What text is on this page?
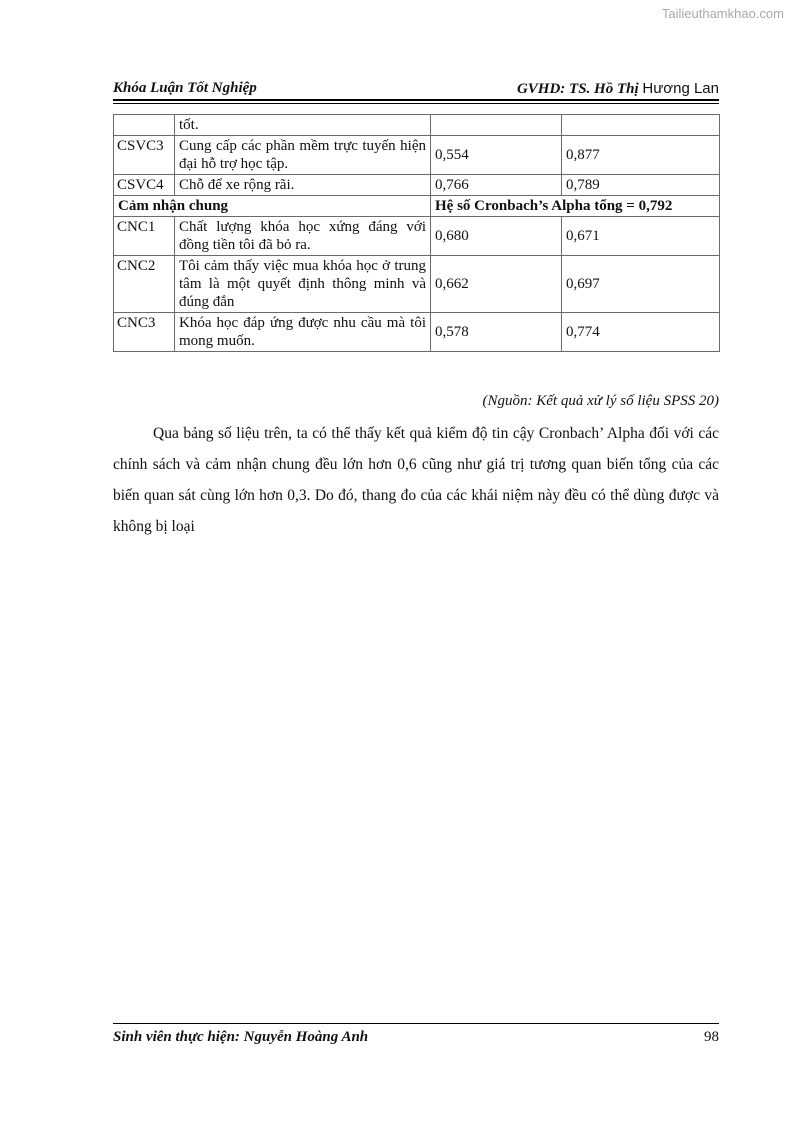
Tailieuthamkhao.com
Khóa Luận Tốt Nghiệp	GVHD: TS. Hồ Thị Hương Lan
	tốt.		
CSVC3	Cung cấp các phần mềm trực tuyến hiện đại hỗ trợ học tập.	0,554	0,877
CSVC4	Chỗ để xe rộng rãi.	0,766	0,789
Cảm nhận chung		Hệ số Cronbach’s Alpha tổng = 0,792	
CNC1	Chất lượng khóa học xứng đáng với đồng tiền tôi đã bỏ ra.	0,680	0,671
CNC2	Tôi cảm thấy việc mua khóa học ở trung tâm là một quyết định thông minh và đúng đắn	0,662	0,697
CNC3	Khóa học đáp ứng được nhu cầu mà tôi mong muốn.	0,578	0,774
(Nguồn: Kết quả xử lý số liệu SPSS 20)

Qua bảng số liệu trên, ta có thể thấy kết quả kiểm độ tin cậy Cronbach’ Alpha đối với các chính sách và cảm nhận chung đều lớn hơn 0,6 cũng như giá trị tương quan biến tổng của các biến quan sát cùng lớn hơn 0,3. Do đó, thang đo của các khái niệm này đều có thể dùng được và không bị loại

Sinh viên thực hiện: Nguyễn Hoàng Anh	98
